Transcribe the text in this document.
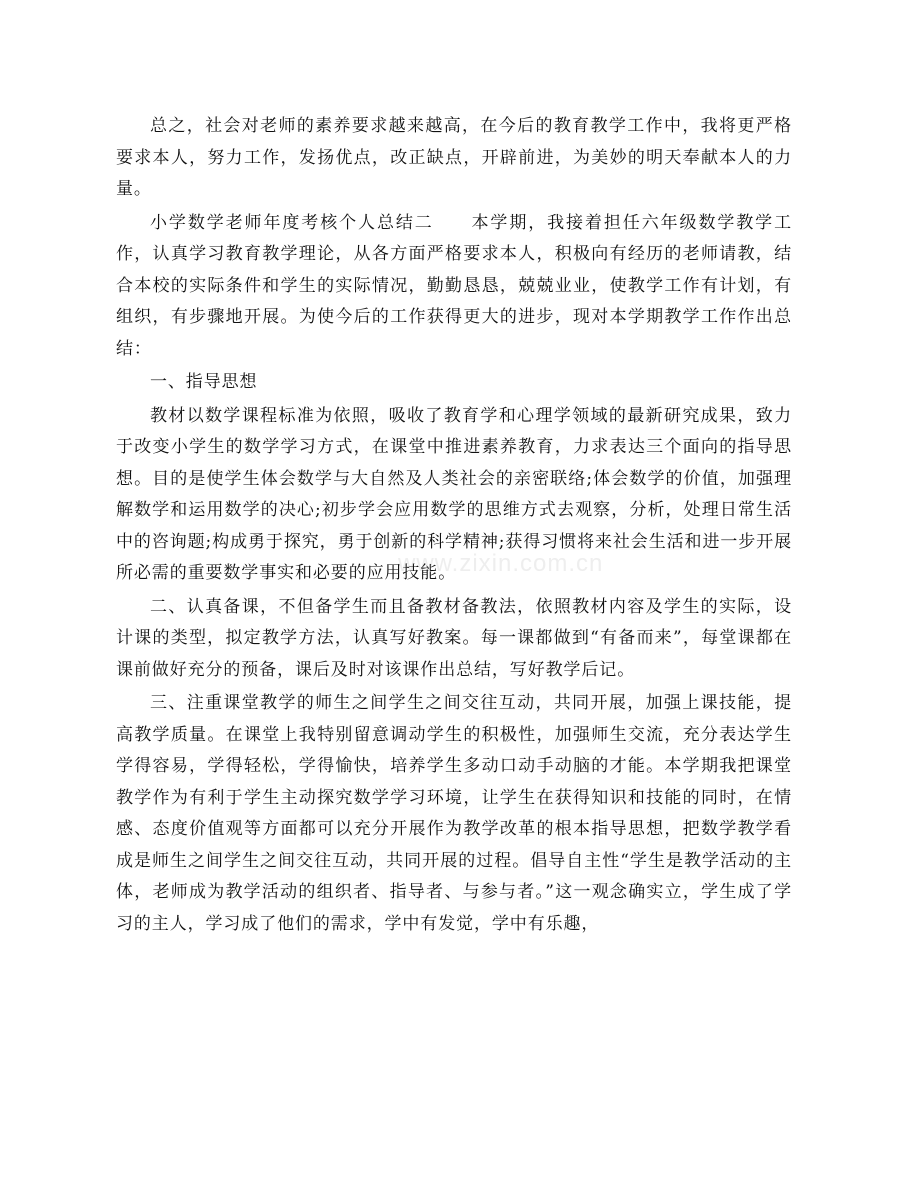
总之，社会对老师的素养要求越来越高，在今后的教育教学工作中，我将更严格要求本人，努力工作，发扬优点，改正缺点，开辟前进，为美妙的明天奉献本人的力量。

小学数学老师年度考核个人总结二　　本学期，我接着担任六年级数学教学工作，认真学习教育教学理论，从各方面严格要求本人，积极向有经历的老师请教，结合本校的实际条件和学生的实际情况，勤勤恳恳，兢兢业业，使教学工作有计划，有组织，有步骤地开展。为使今后的工作获得更大的进步，现对本学期教学工作作出总结：

一、指导思想

教材以数学课程标准为依照，吸收了教育学和心理学领域的最新研究成果，致力于改变小学生的数学学习方式，在课堂中推进素养教育，力求表达三个面向的指导思想。目的是使学生体会数学与大自然及人类社会的亲密联络;体会数学的价值，加强理解数学和运用数学的决心;初步学会应用数学的思维方式去观察，分析，处理日常生活中的咨询题;构成勇于探究，勇于创新的科学精神;获得习惯将来社会生活和进一步开展所必需的重要数学事实和必要的应用技能。

二、认真备课，不但备学生而且备教材备教法，依照教材内容及学生的实际，设计课的类型，拟定教学方法，认真写好教案。每一课都做到“有备而来”，每堂课都在课前做好充分的预备，课后及时对该课作出总结，写好教学后记。

三、注重课堂教学的师生之间学生之间交往互动，共同开展，加强上课技能，提高教学质量。在课堂上我特别留意调动学生的积极性，加强师生交流，充分表达学生学得容易，学得轻松，学得愉快，培养学生多动口动手动脑的才能。本学期我把课堂教学作为有利于学生主动探究数学学习环境，让学生在获得知识和技能的同时，在情感、态度价值观等方面都可以充分开展作为教学改革的根本指导思想，把数学教学看成是师生之间学生之间交往互动，共同开展的过程。倡导自主性“学生是教学活动的主体，老师成为教学活动的组织者、指导者、与参与者。”这一观念确实立，学生成了学习的主人，学习成了他们的需求，学中有发觉，学中有乐趣，

www.zixin.com.cn
